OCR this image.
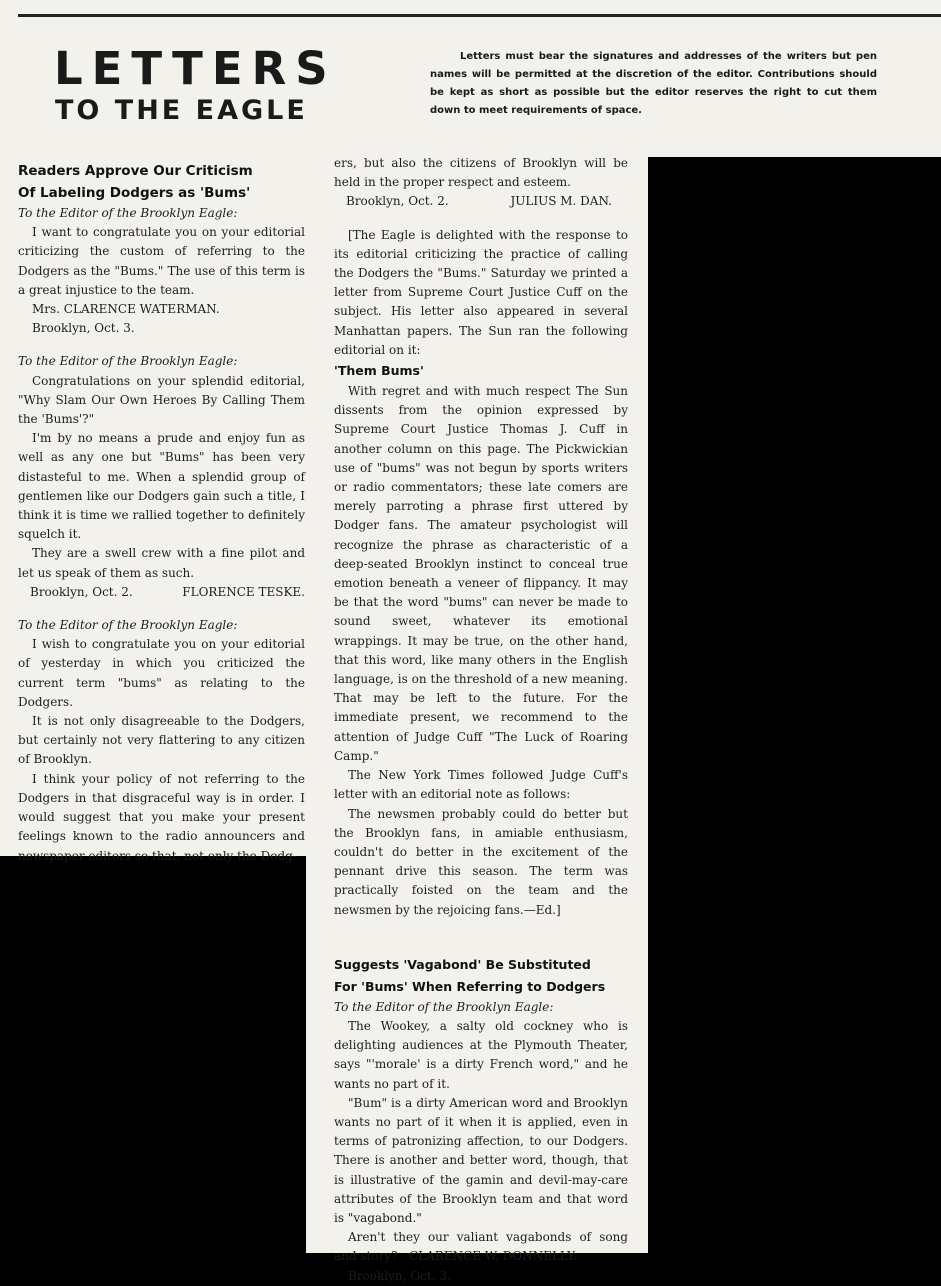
LETTERS
TO THE EAGLE
Letters must bear the signatures and addresses of the writers but pen names will be permitted at the discretion of the editor. Contributions should be kept as short as possible but the editor reserves the right to cut them down to meet requirements of space.
Readers Approve Our Criticism
Of Labeling Dodgers as 'Bums'

To the Editor of the Brooklyn Eagle:

I want to congratulate you on your editorial criticizing the custom of referring to the Dodgers as the "Bums." The use of this term is a great injustice to the team.

Mrs. CLARENCE WATERMAN.

Brooklyn, Oct. 3.

To the Editor of the Brooklyn Eagle:

Congratulations on your splendid editorial, "Why Slam Our Own Heroes By Calling Them the 'Bums'?"

I'm by no means a prude and enjoy fun as well as any one but "Bums" has been very distasteful to me. When a splendid group of gentlemen like our Dodgers gain such a title, I think it is time we rallied together to definitely squelch it.

They are a swell crew with a fine pilot and let us speak of them as such.

Brooklyn, Oct. 2.	FLORENCE TESKE.

To the Editor of the Brooklyn Eagle:

I wish to congratulate you on your editorial of yesterday in which you criticized the current term "bums" as relating to the Dodgers.

It is not only disagreeable to the Dodgers, but certainly not very flattering to any citizen of Brooklyn.

I think your policy of not referring to the Dodgers in that disgraceful way is in order. I would suggest that you make your present feelings known to the radio announcers and newspaper editors so that, not only the Dodg-

ers, but also the citizens of Brooklyn will be held in the proper respect and esteem.

Brooklyn, Oct. 2.	JULIUS M. DAN.

[The Eagle is delighted with the response to its editorial criticizing the practice of calling the Dodgers the "Bums." Saturday we printed a letter from Supreme Court Justice Cuff on the subject. His letter also appeared in several Manhattan papers. The Sun ran the following editorial on it:

'Them Bums'

With regret and with much respect The Sun dissents from the opinion expressed by Supreme Court Justice Thomas J. Cuff in another column on this page. The Pickwickian use of "bums" was not begun by sports writers or radio commentators; these late comers are merely parroting a phrase first uttered by Dodger fans. The amateur psychologist will recognize the phrase as characteristic of a deep-seated Brooklyn instinct to conceal true emotion beneath a veneer of flippancy. It may be that the word "bums" can never be made to sound sweet, whatever its emotional wrappings. It may be true, on the other hand, that this word, like many others in the English language, is on the threshold of a new meaning. That may be left to the future. For the immediate present, we recommend to the attention of Judge Cuff "The Luck of Roaring Camp."

The New York Times followed Judge Cuff's letter with an editorial note as follows:

The newsmen probably could do better but the Brooklyn fans, in amiable enthusiasm, couldn't do better in the excitement of the pennant drive this season. The term was practically foisted on the team and the newsmen by the rejoicing fans.—Ed.]

Suggests 'Vagabond' Be Substituted
For 'Bums' When Referring to Dodgers

To the Editor of the Brooklyn Eagle:

The Wookey, a salty old cockney who is delighting audiences at the Plymouth Theater, says "'morale' is a dirty French word," and he wants no part of it.

"Bum" is a dirty American word and Brooklyn wants no part of it when it is applied, even in terms of patronizing affection, to our Dodgers. There is another and better word, though, that is illustrative of the gamin and devil-may-care attributes of the Brooklyn team and that word is "vagabond."

Aren't they our valiant vagabonds of song and story? CLARENCE W. DONNELLY.

Brooklyn, Oct. 3.
